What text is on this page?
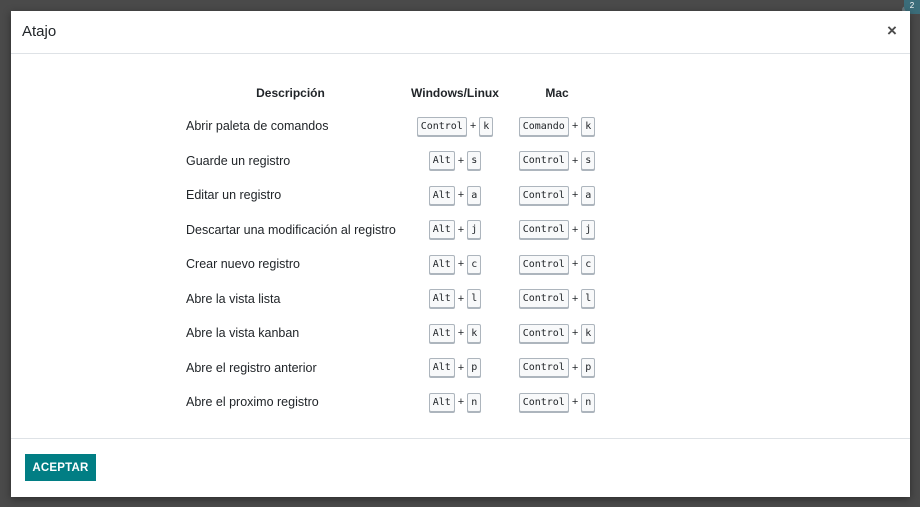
2
Atajo	×
Descripción	Windows/Linux	Mac
Abrir paleta de comandos	Control + k	Comando + k
Guarde un registro	Alt + s	Control + s
Editar un registro	Alt + a	Control + a
Descartar una modificación al registro	Alt + j	Control + j
Crear nuevo registro	Alt + c	Control + c
Abre la vista lista	Alt + l	Control + l
Abre la vista kanban	Alt + k	Control + k
Abre el registro anterior	Alt + p	Control + p
Abre el proximo registro	Alt + n	Control + n
ACEPTAR
